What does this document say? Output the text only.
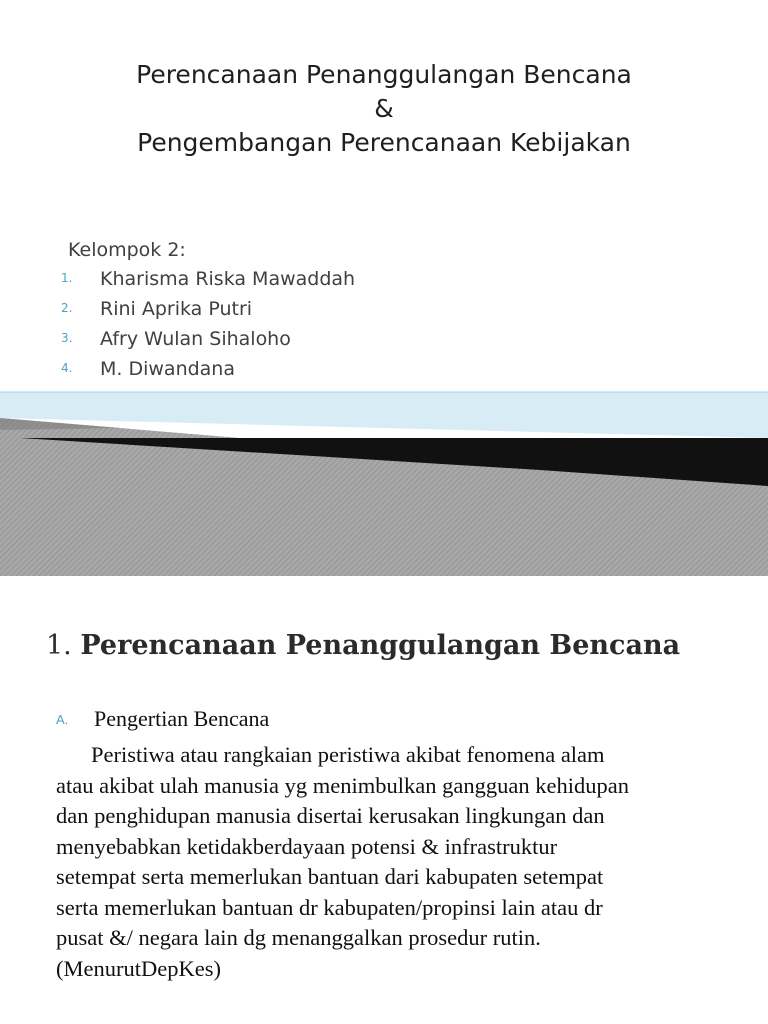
Perencanaan Penanggulangan Bencana
&
Pengembangan Perencanaan Kebijakan
Kelompok 2:
1.	Kharisma Riska Mawaddah
2.	Rini Aprika Putri
3.	Afry Wulan Sihaloho
4.	M. Diwandana
1. Perencanaan Penanggulangan Bencana
A. Pengertian Bencana
Peristiwa atau rangkaian peristiwa akibat fenomena alam
atau akibat ulah manusia yg menimbulkan gangguan kehidupan
dan penghidupan manusia disertai kerusakan lingkungan dan
menyebabkan ketidakberdayaan potensi & infrastruktur
setempat serta memerlukan bantuan dari kabupaten setempat
serta memerlukan bantuan dr kabupaten/propinsi lain atau dr
pusat &/ negara lain dg menanggalkan prosedur rutin.
(MenurutDepKes)
